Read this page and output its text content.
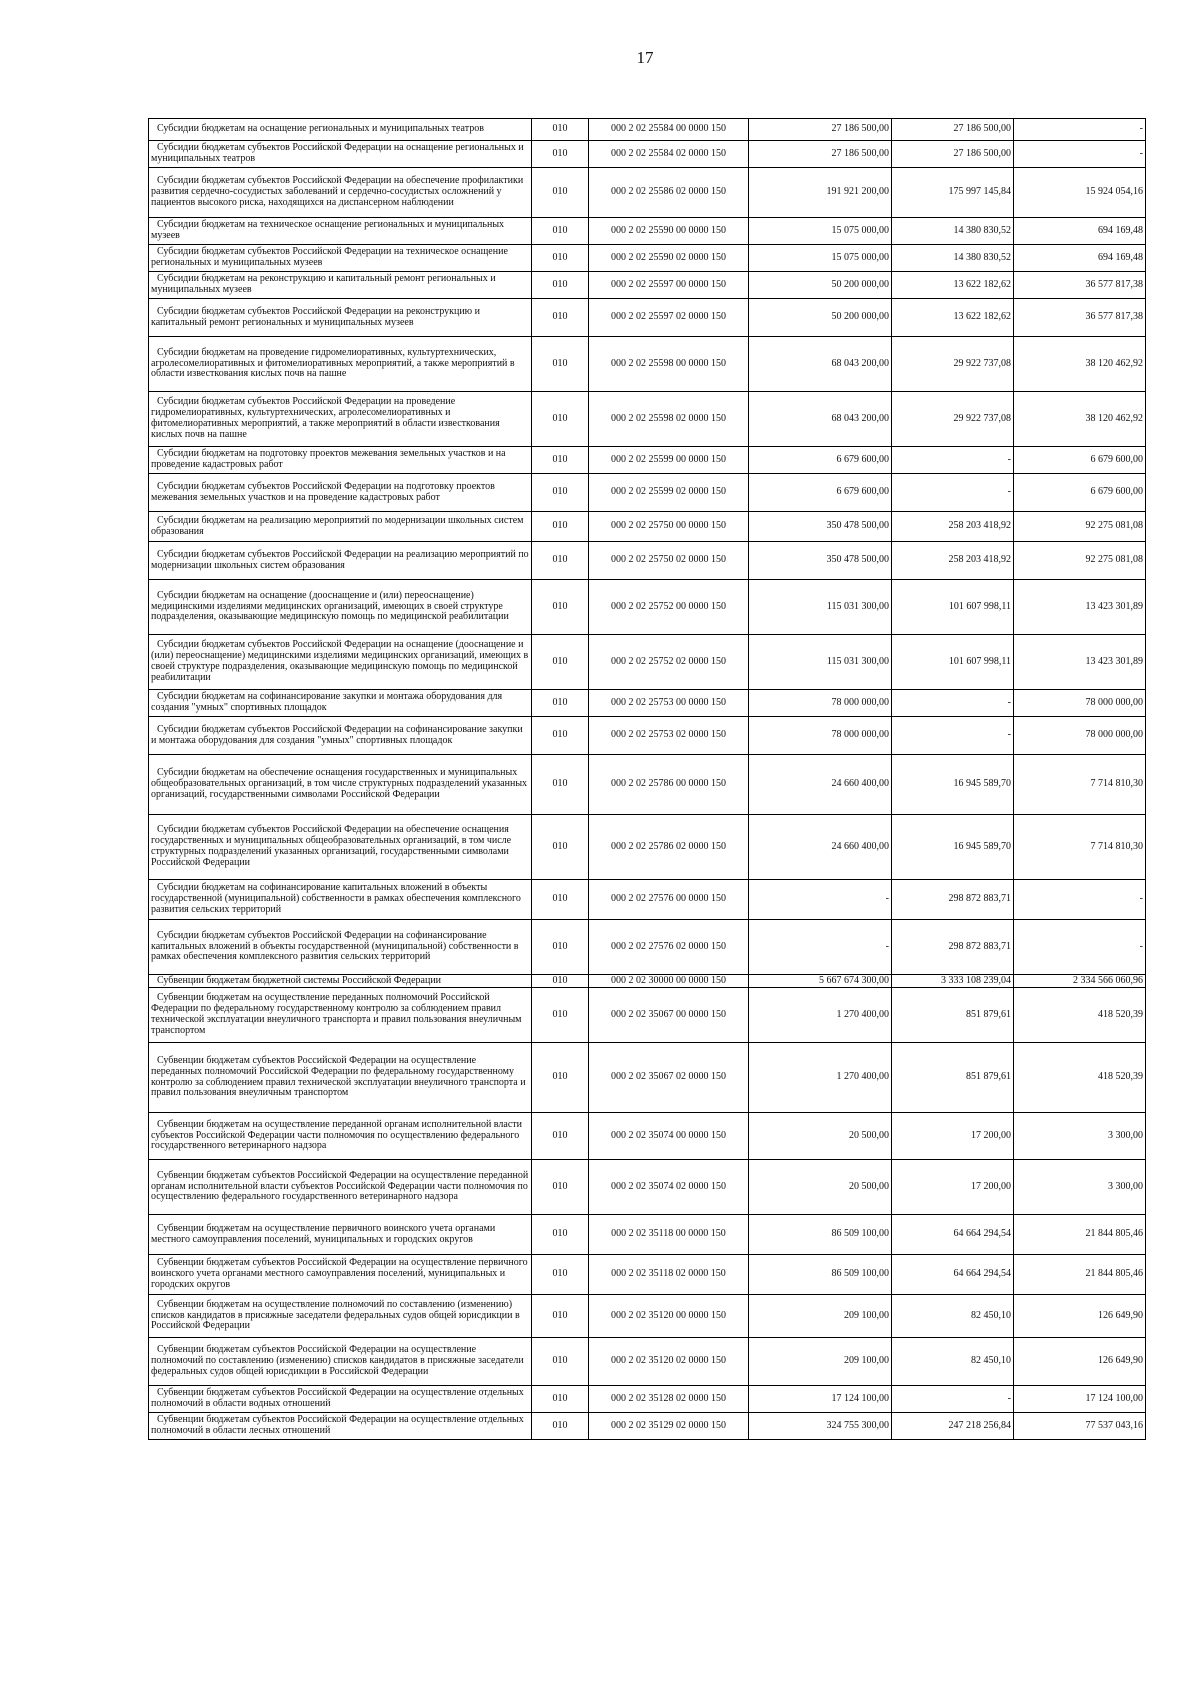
17
Субсидии бюджетам на оснащение региональных и муниципальных театров	010	000 2 02 25584 00 0000 150	27 186 500,00	27 186 500,00	-

Субсидии бюджетам субъектов Российской Федерации на оснащение региональных и муниципальных театров	010	000 2 02 25584 02 0000 150	27 186 500,00	27 186 500,00	-

Субсидии бюджетам субъектов Российской Федерации на обеспечение профилактики развития сердечно-сосудистых заболеваний и сердечно-сосудистых осложнений у пациентов высокого риска, находящихся на диспансерном наблюдении	010	000 2 02 25586 02 0000 150	191 921 200,00	175 997 145,84	15 924 054,16

Субсидии бюджетам на техническое оснащение региональных и муниципальных музеев	010	000 2 02 25590 00 0000 150	15 075 000,00	14 380 830,52	694 169,48

Субсидии бюджетам субъектов Российской Федерации на техническое оснащение региональных и муниципальных музеев	010	000 2 02 25590 02 0000 150	15 075 000,00	14 380 830,52	694 169,48

Субсидии бюджетам на реконструкцию и капитальный ремонт региональных и муниципальных музеев	010	000 2 02 25597 00 0000 150	50 200 000,00	13 622 182,62	36 577 817,38

Субсидии бюджетам субъектов Российской Федерации на реконструкцию и капитальный ремонт региональных и муниципальных музеев	010	000 2 02 25597 02 0000 150	50 200 000,00	13 622 182,62	36 577 817,38

Субсидии бюджетам на проведение гидромелиоративных, культуртехнических, агролесомелиоративных и фитомелиоративных мероприятий, а также мероприятий в области известкования кислых почв на пашне	010	000 2 02 25598 00 0000 150	68 043 200,00	29 922 737,08	38 120 462,92

Субсидии бюджетам субъектов Российской Федерации на проведение гидромелиоративных, культуртехнических, агролесомелиоративных и фитомелиоративных мероприятий, а также мероприятий в области известкования кислых почв на пашне	010	000 2 02 25598 02 0000 150	68 043 200,00	29 922 737,08	38 120 462,92

Субсидии бюджетам на подготовку проектов межевания земельных участков и на проведение кадастровых работ	010	000 2 02 25599 00 0000 150	6 679 600,00	-	6 679 600,00

Субсидии бюджетам субъектов Российской Федерации на подготовку проектов межевания земельных участков и на проведение кадастровых работ	010	000 2 02 25599 02 0000 150	6 679 600,00	-	6 679 600,00

Субсидии бюджетам на реализацию мероприятий по модернизации школьных систем образования	010	000 2 02 25750 00 0000 150	350 478 500,00	258 203 418,92	92 275 081,08

Субсидии бюджетам субъектов Российской Федерации на реализацию мероприятий по модернизации школьных систем образования	010	000 2 02 25750 02 0000 150	350 478 500,00	258 203 418,92	92 275 081,08

Субсидии бюджетам на оснащение (дооснащение и (или) переоснащение) медицинскими изделиями медицинских организаций, имеющих в своей структуре подразделения, оказывающие медицинскую помощь по медицинской реабилитации	010	000 2 02 25752 00 0000 150	115 031 300,00	101 607 998,11	13 423 301,89

Субсидии бюджетам субъектов Российской Федерации на оснащение (дооснащение и (или) переоснащение) медицинскими изделиями медицинских организаций, имеющих в своей структуре подразделения, оказывающие медицинскую помощь по медицинской реабилитации	010	000 2 02 25752 02 0000 150	115 031 300,00	101 607 998,11	13 423 301,89

Субсидии бюджетам на софинансирование закупки и монтажа оборудования для создания "умных" спортивных площадок	010	000 2 02 25753 00 0000 150	78 000 000,00	-	78 000 000,00

Субсидии бюджетам субъектов Российской Федерации на софинансирование закупки и монтажа оборудования для создания "умных" спортивных площадок	010	000 2 02 25753 02 0000 150	78 000 000,00	-	78 000 000,00

Субсидии бюджетам на обеспечение оснащения государственных и муниципальных общеобразовательных организаций, в том числе структурных подразделений указанных организаций, государственными символами Российской Федерации	010	000 2 02 25786 00 0000 150	24 660 400,00	16 945 589,70	7 714 810,30

Субсидии бюджетам субъектов Российской Федерации на обеспечение оснащения государственных и муниципальных общеобразовательных организаций, в том числе структурных подразделений указанных организаций, государственными символами Российской Федерации	010	000 2 02 25786 02 0000 150	24 660 400,00	16 945 589,70	7 714 810,30

Субсидии бюджетам на софинансирование капитальных вложений в объекты государственной (муниципальной) собственности в рамках обеспечения комплексного развития сельских территорий	010	000 2 02 27576 00 0000 150	-	298 872 883,71	-

Субсидии бюджетам субъектов Российской Федерации на софинансирование капитальных вложений в объекты государственной (муниципальной) собственности в рамках обеспечения комплексного развития сельских территорий	010	000 2 02 27576 02 0000 150	-	298 872 883,71	-

Субвенции бюджетам бюджетной системы Российской Федерации	010	000 2 02 30000 00 0000 150	5 667 674 300,00	3 333 108 239,04	2 334 566 060,96

Субвенции бюджетам на осуществление переданных полномочий Российской Федерации по федеральному государственному контролю за соблюдением правил технической эксплуатации внеуличного транспорта и правил пользования внеуличным транспортом	010	000 2 02 35067 00 0000 150	1 270 400,00	851 879,61	418 520,39

Субвенции бюджетам субъектов Российской Федерации на осуществление переданных полномочий Российской Федерации по федеральному государственному контролю за соблюдением правил технической эксплуатации внеуличного транспорта и правил пользования внеуличным транспортом	010	000 2 02 35067 02 0000 150	1 270 400,00	851 879,61	418 520,39

Субвенции бюджетам на осуществление переданной органам исполнительной власти субъектов Российской Федерации части полномочия по осуществлению федерального государственного ветеринарного надзора	010	000 2 02 35074 00 0000 150	20 500,00	17 200,00	3 300,00

Субвенции бюджетам субъектов Российской Федерации на осуществление переданной органам исполнительной власти субъектов Российской Федерации части полномочия по осуществлению федерального государственного ветеринарного надзора	010	000 2 02 35074 02 0000 150	20 500,00	17 200,00	3 300,00

Субвенции бюджетам на осуществление первичного воинского учета органами местного самоуправления поселений, муниципальных и городских округов	010	000 2 02 35118 00 0000 150	86 509 100,00	64 664 294,54	21 844 805,46

Субвенции бюджетам субъектов Российской Федерации на осуществление первичного воинского учета органами местного самоуправления поселений, муниципальных и городских округов	010	000 2 02 35118 02 0000 150	86 509 100,00	64 664 294,54	21 844 805,46

Субвенции бюджетам на осуществление полномочий по составлению (изменению) списков кандидатов в присяжные заседатели федеральных судов общей юрисдикции в Российской Федерации	010	000 2 02 35120 00 0000 150	209 100,00	82 450,10	126 649,90

Субвенции бюджетам субъектов Российской Федерации на осуществление полномочий по составлению (изменению) списков кандидатов в присяжные заседатели федеральных судов общей юрисдикции в Российской Федерации	010	000 2 02 35120 02 0000 150	209 100,00	82 450,10	126 649,90

Субвенции бюджетам субъектов Российской Федерации на осуществление отдельных полномочий в области водных отношений	010	000 2 02 35128 02 0000 150	17 124 100,00	-	17 124 100,00

Субвенции бюджетам субъектов Российской Федерации на осуществление отдельных полномочий в области лесных отношений	010	000 2 02 35129 02 0000 150	324 755 300,00	247 218 256,84	77 537 043,16
